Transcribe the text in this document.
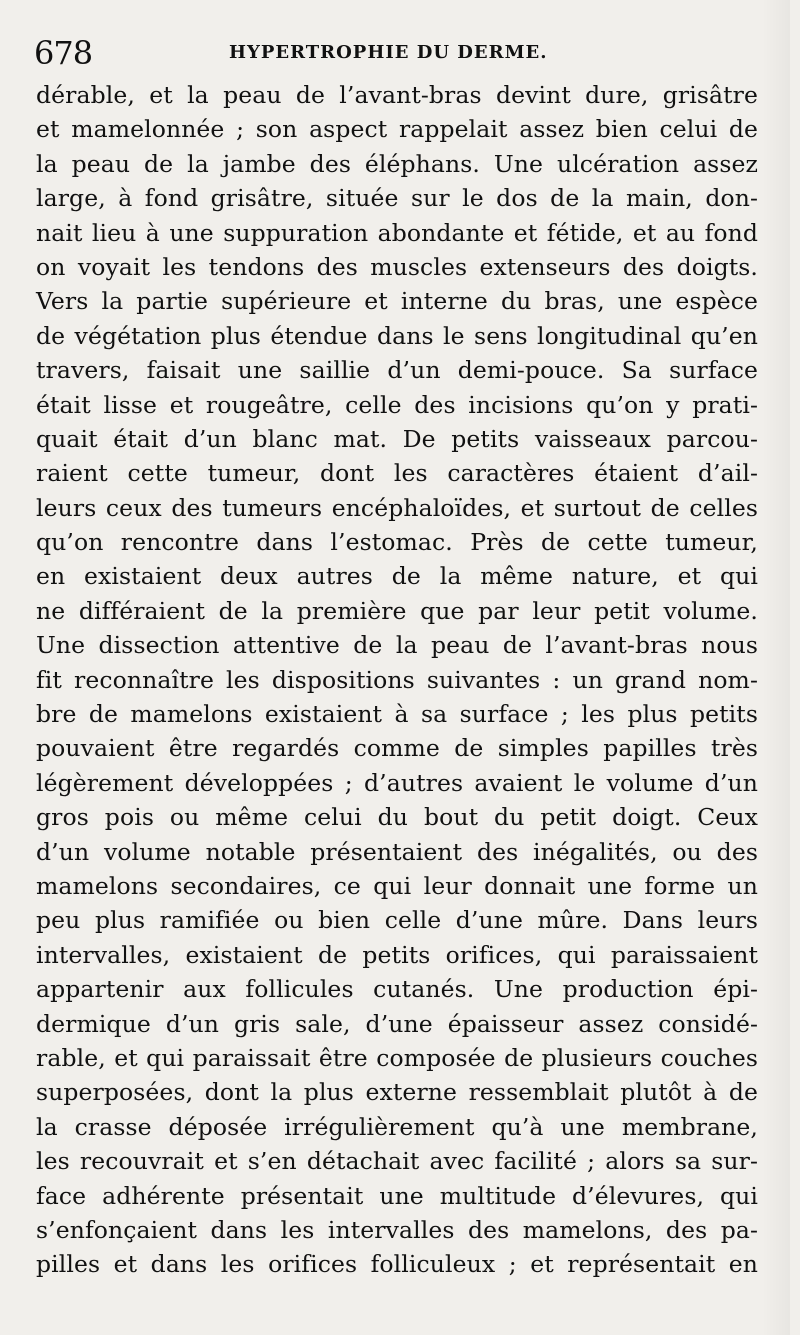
678	HYPERTROPHIE DU DERME.
dérable, et la peau de l’avant-bras devint dure, grisâtre
et mamelonnée ; son aspect rappelait assez bien celui de
la peau de la jambe des éléphans. Une ulcération assez
large, à fond grisâtre, située sur le dos de la main, don-
nait lieu à une suppuration abondante et fétide, et au fond
on voyait les tendons des muscles extenseurs des doigts.
Vers la partie supérieure et interne du bras, une espèce
de végétation plus étendue dans le sens longitudinal qu’en
travers, faisait une saillie d’un demi-pouce. Sa surface
était lisse et rougeâtre, celle des incisions qu’on y prati-
quait était d’un blanc mat. De petits vaisseaux parcou-
raient cette tumeur, dont les caractères étaient d’ail-
leurs ceux des tumeurs encéphaloïdes, et surtout de celles
qu’on rencontre dans l’estomac. Près de cette tumeur,
en existaient deux autres de la même nature, et qui
ne différaient de la première que par leur petit volume.
Une dissection attentive de la peau de l’avant-bras nous
fit reconnaître les dispositions suivantes : un grand nom-
bre de mamelons existaient à sa surface ; les plus petits
pouvaient être regardés comme de simples papilles très
légèrement développées ; d’autres avaient le volume d’un
gros pois ou même celui du bout du petit doigt. Ceux
d’un volume notable présentaient des inégalités, ou des
mamelons secondaires, ce qui leur donnait une forme un
peu plus ramifiée ou bien celle d’une mûre. Dans leurs
intervalles, existaient de petits orifices, qui paraissaient
appartenir aux follicules cutanés. Une production épi-
dermique d’un gris sale, d’une épaisseur assez considé-
rable, et qui paraissait être composée de plusieurs couches
superposées, dont la plus externe ressemblait plutôt à de
la crasse déposée irrégulièrement qu’à une membrane,
les recouvrait et s’en détachait avec facilité ; alors sa sur-
face adhérente présentait une multitude d’élevures, qui
s’enfonçaient dans les intervalles des mamelons, des pa-
pilles et dans les orifices folliculeux ; et représentait en
